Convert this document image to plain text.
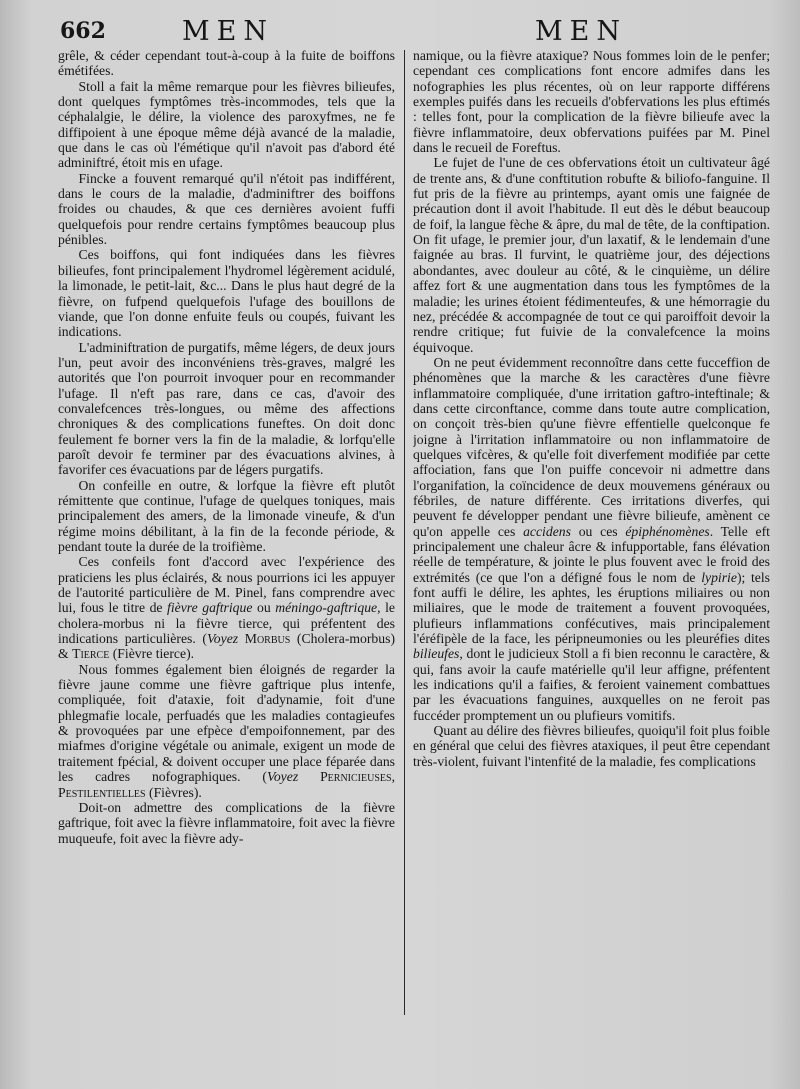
662	MEN	MEN

grêle, & céder cependant tout-à-coup à la fuite de boiffons émétifées.

Stoll a fait la même remarque pour les fièvres bilieufes, dont quelques fymptômes très-incommodes, tels que la céphalalgie, le délire, la violence des paroxyfmes, ne fe diffipoient à une époque même déjà avancé de la maladie, que dans le cas où l'émétique qu'il n'avoit pas d'abord été adminiftré, étoit mis en ufage.

Fincke a fouvent remarqué qu'il n'étoit pas indifférent, dans le cours de la maladie, d'adminiftrer des boiffons froides ou chaudes, & que ces dernières avoient fuffi quelquefois pour rendre certains fymptômes beaucoup plus pénibles.

Ces boiffons, qui font indiquées dans les fièvres bilieufes, font principalement l'hydromel légèrement acidulé, la limonade, le petit-lait, &c... Dans le plus haut degré de la fièvre, on fufpend quelquefois l'ufage des bouillons de viande, que l'on donne enfuite feuls ou coupés, fuivant les indications.

L'adminiftration de purgatifs, même légers, de deux jours l'un, peut avoir des inconvéniens très-graves, malgré les autorités que l'on pourroit invoquer pour en recommander l'ufage. Il n'eft pas rare, dans ce cas, d'avoir des convalefcences très-longues, ou même des affections chroniques & des complications funeftes. On doit donc feulement fe borner vers la fin de la maladie, & lorfqu'elle paroît devoir fe terminer par des évacuations alvines, à favorifer ces évacuations par de légers purgatifs.

On confeille en outre, & lorfque la fièvre eft plutôt rémittente que continue, l'ufage de quelques toniques, mais principalement des amers, de la limonade vineufe, & d'un régime moins débilitant, à la fin de la feconde période, & pendant toute la durée de la troifième.

Ces confeils font d'accord avec l'expérience des praticiens les plus éclairés, & nous pourrions ici les appuyer de l'autorité particulière de M. Pinel, fans comprendre avec lui, fous le titre de fièvre gaftrique ou méningo-gaftrique, le cholera-morbus ni la fièvre tierce, qui préfentent des indications particulières. (Voyez Morbus (Cholera-morbus) & Tierce (Fièvre tierce).

Nous fommes également bien éloignés de regarder la fièvre jaune comme une fièvre gaftrique plus intenfe, compliquée, foit d'ataxie, foit d'adynamie, foit d'une phlegmafie locale, perfuadés que les maladies contagieufes & provoquées par une efpèce d'empoifonnement, par des miafmes d'origine végétale ou animale, exigent un mode de traitement fpécial, & doivent occuper une place féparée dans les cadres nofographiques. (Voyez Pernicieuses, Pestilentielles (Fièvres).

Doit-on admettre des complications de la fièvre gaftrique, foit avec la fièvre inflammatoire, foit avec la fièvre muqueufe, foit avec la fièvre ady-

namique, ou la fièvre ataxique? Nous fommes loin de le penfer; cependant ces complications font encore admifes dans les nofographies les plus récentes, où on leur rapporte différens exemples puifés dans les recueils d'obfervations les plus eftimés : telles font, pour la complication de la fièvre bilieufe avec la fièvre inflammatoire, deux obfervations puifées par M. Pinel dans le recueil de Foreftus.

Le fujet de l'une de ces obfervations étoit un cultivateur âgé de trente ans, & d'une conftitution robufte & biliofo-fanguine. Il fut pris de la fièvre au printemps, ayant omis une faignée de précaution dont il avoit l'habitude. Il eut dès le début beaucoup de foif, la langue fèche & âpre, du mal de tête, de la conftipation. On fit ufage, le premier jour, d'un laxatif, & le lendemain d'une faignée au bras. Il furvint, le quatrième jour, des déjections abondantes, avec douleur au côté, & le cinquième, un délire affez fort & une augmentation dans tous les fymptômes de la maladie; les urines étoient fédimenteufes, & une hémorragie du nez, précédée & accompagnée de tout ce qui paroiffoit devoir la rendre critique; fut fuivie de la convalefcence la moins équivoque.

On ne peut évidemment reconnoître dans cette fucceffion de phénomènes que la marche & les caractères d'une fièvre inflammatoire compliquée, d'une irritation gaftro-inteftinale; & dans cette circonftance, comme dans toute autre complication, on conçoit très-bien qu'une fièvre effentielle quelconque fe joigne à l'irritation inflammatoire ou non inflammatoire de quelques vifcères, & qu'elle foit diverfement modifiée par cette affociation, fans que l'on puiffe concevoir ni admettre dans l'organifation, la coïncidence de deux mouvemens généraux ou fébriles, de nature différente. Ces irritations diverfes, qui peuvent fe développer pendant une fièvre bilieufe, amènent ce qu'on appelle ces accidens ou ces épiphénomènes. Telle eft principalement une chaleur âcre & infupportable, fans élévation réelle de température, & jointe le plus fouvent avec le froid des extrémités (ce que l'on a défigné fous le nom de lypirie); tels font auffi le délire, les aphtes, les éruptions miliaires ou non miliaires, que le mode de traitement a fouvent provoquées, plufieurs inflammations confécutives, mais principalement l'éréfipèle de la face, les péripneumonies ou les pleuréfies dites bilieufes, dont le judicieux Stoll a fi bien reconnu le caractère, & qui, fans avoir la caufe matérielle qu'il leur affigne, préfentent les indications qu'il a faifies, & feroient vainement combattues par les évacuations fanguines, auxquelles on ne feroit pas fuccéder promptement un ou plufieurs vomitifs.

Quant au délire des fièvres bilieufes, quoiqu'il foit plus foible en général que celui des fièvres ataxiques, il peut être cependant très-violent, fuivant l'intenfité de la maladie, fes complications
